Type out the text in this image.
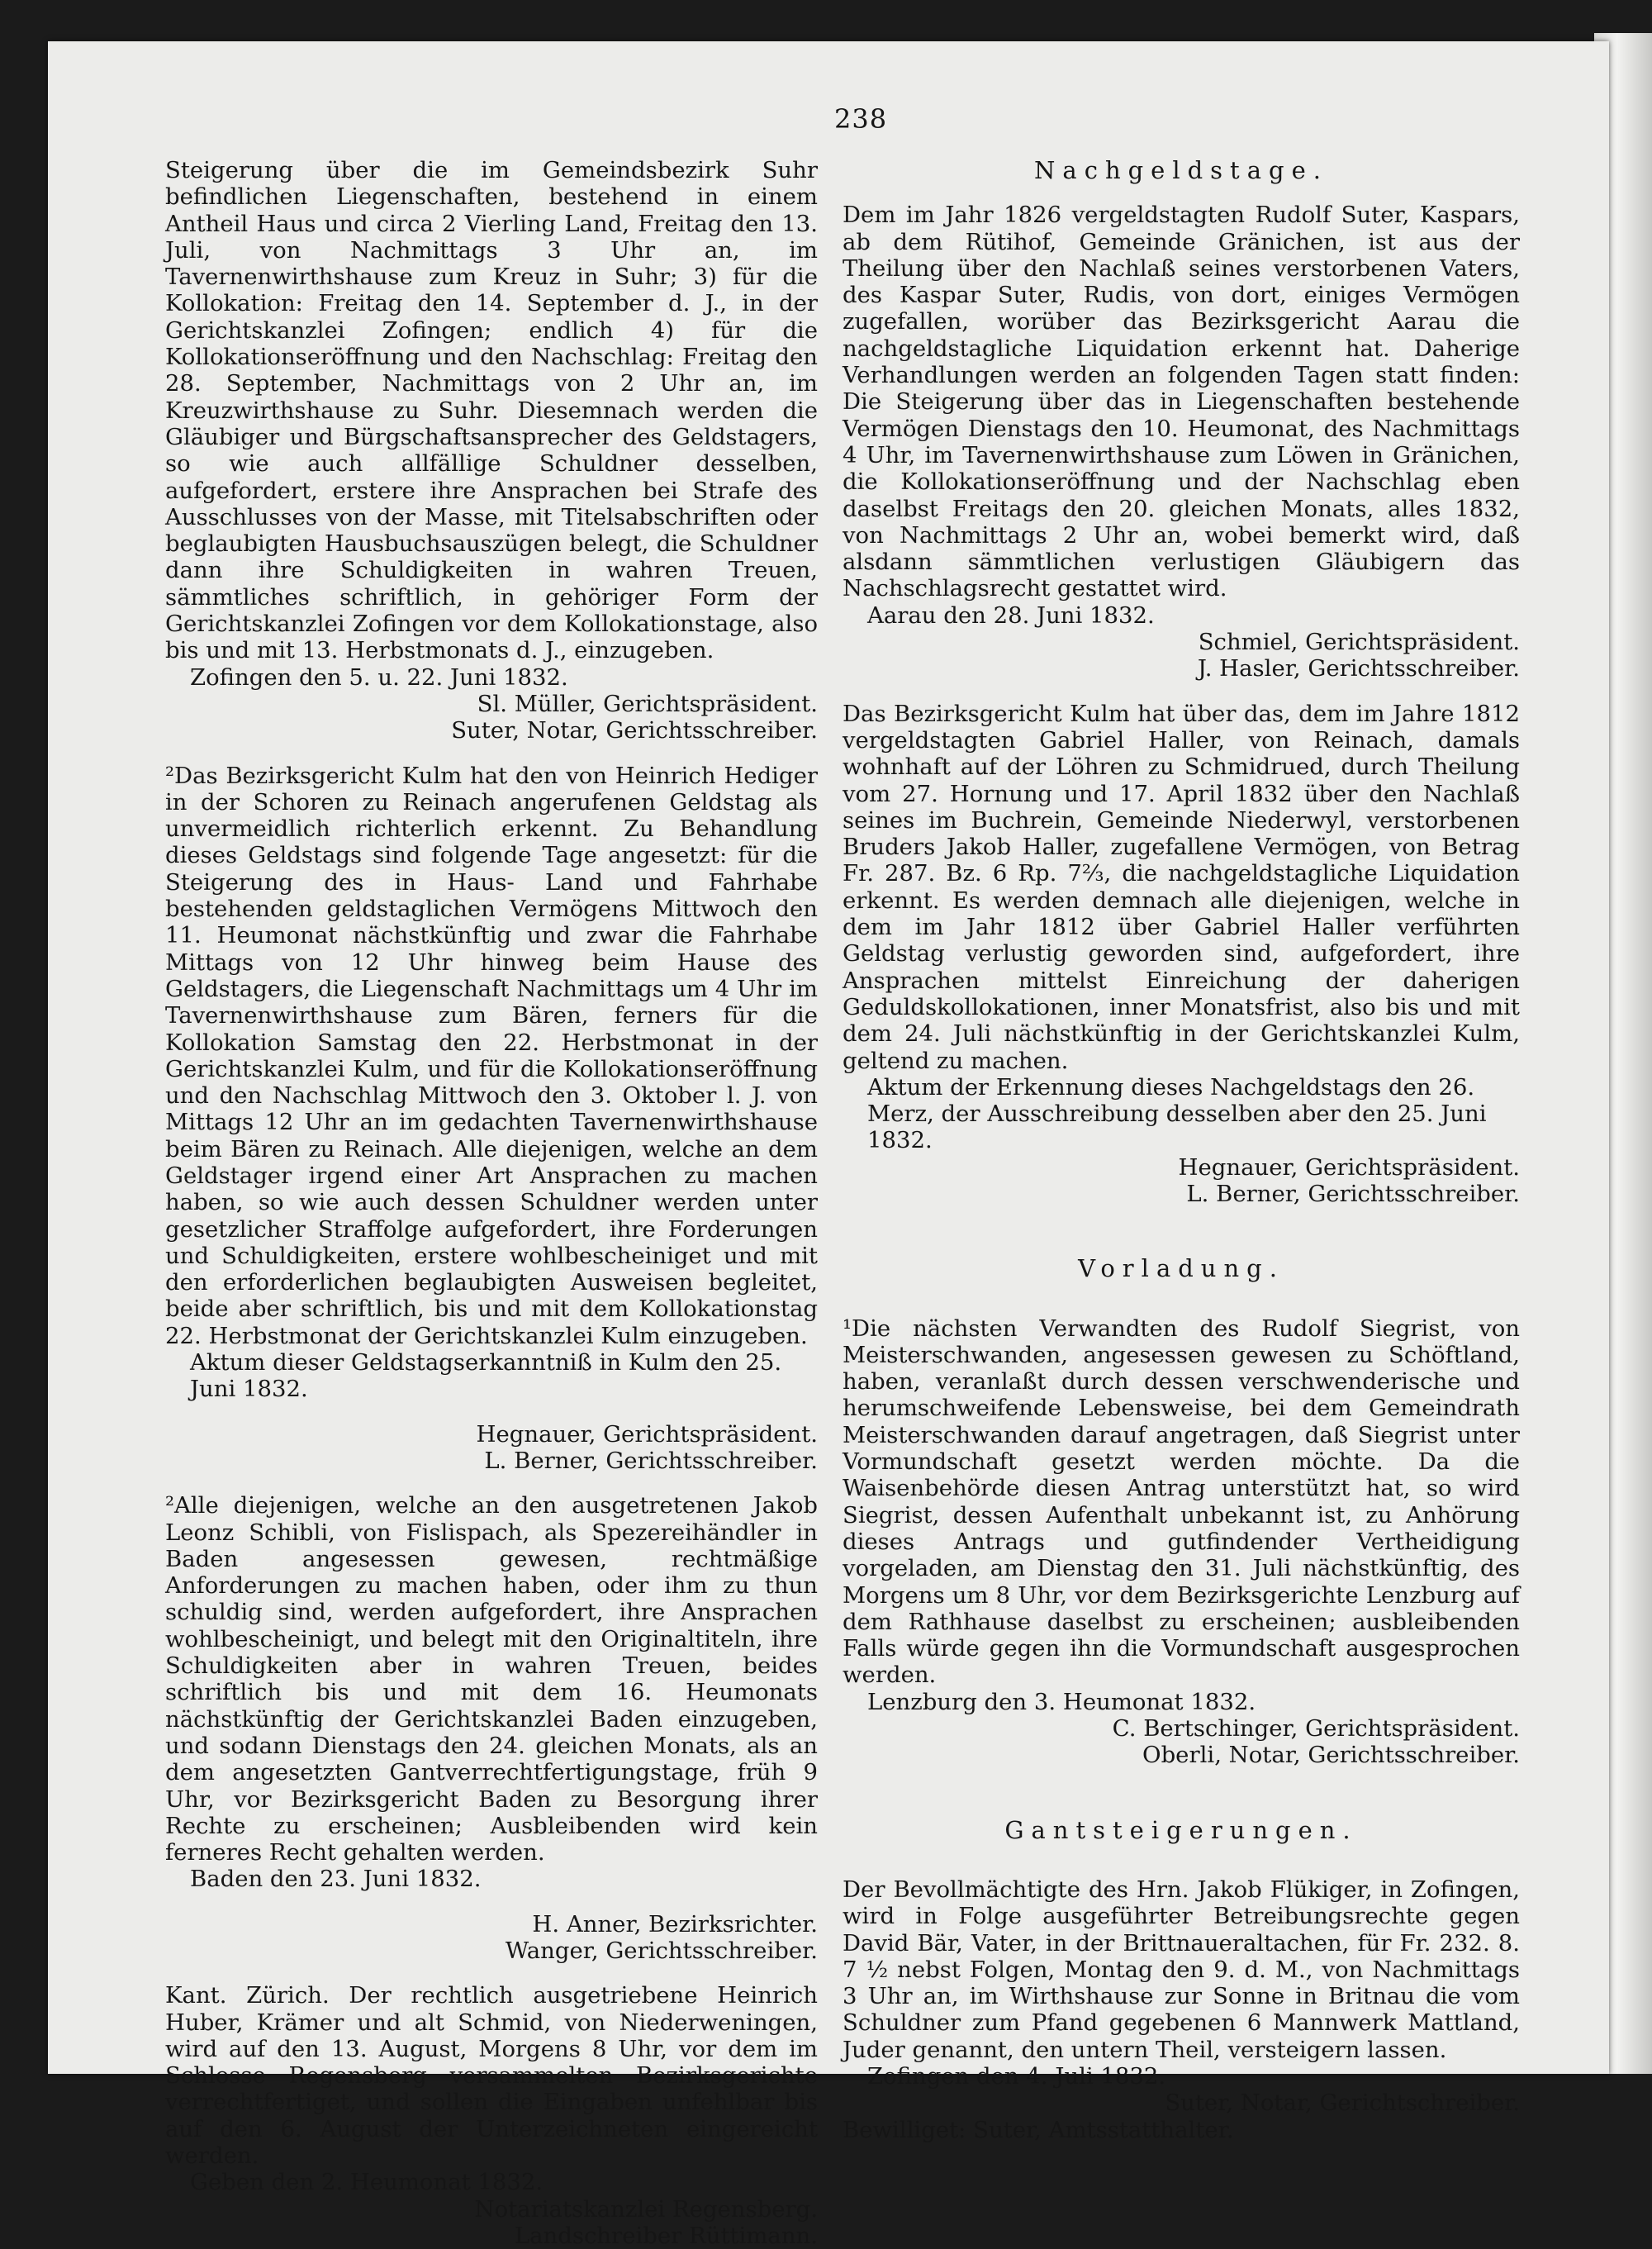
238

Steigerung über die im Gemeindsbezirk Suhr befindlichen Liegenschaften, bestehend in einem Antheil Haus und circa 2 Vierling Land, Freitag den 13. Juli, von Nachmittags 3 Uhr an, im Tavernenwirthshause zum Kreuz in Suhr; 3) für die Kollokation: Freitag den 14. September d. J., in der Gerichtskanzlei Zofingen; endlich 4) für die Kollokationseröffnung und den Nachschlag: Freitag den 28. September, Nachmittags von 2 Uhr an, im Kreuzwirthshause zu Suhr. Diesemnach werden die Gläubiger und Bürgschaftsansprecher des Geldstagers, so wie auch allfällige Schuldner desselben, aufgefordert, erstere ihre Ansprachen bei Strafe des Ausschlusses von der Masse, mit Titelsabschriften oder beglaubigten Hausbuchsauszügen belegt, die Schuldner dann ihre Schuldigkeiten in wahren Treuen, sämmtliches schriftlich, in gehöriger Form der Gerichtskanzlei Zofingen vor dem Kollokationstage, also bis und mit 13. Herbstmonats d. J., einzugeben.

Zofingen den 5. u. 22. Juni 1832.

Sl. Müller, Gerichtspräsident.

Suter, Notar, Gerichtsschreiber.

²Das Bezirksgericht Kulm hat den von Heinrich Hediger in der Schoren zu Reinach angerufenen Geldstag als unvermeidlich richterlich erkennt. Zu Behandlung dieses Geldstags sind folgende Tage angesetzt: für die Steigerung des in Haus- Land und Fahrhabe bestehenden geldstaglichen Vermögens Mittwoch den 11. Heumonat nächstkünftig und zwar die Fahrhabe Mittags von 12 Uhr hinweg beim Hause des Geldstagers, die Liegenschaft Nachmittags um 4 Uhr im Tavernenwirthshause zum Bären, ferners für die Kollokation Samstag den 22. Herbstmonat in der Gerichtskanzlei Kulm, und für die Kollokationseröffnung und den Nachschlag Mittwoch den 3. Oktober l. J. von Mittags 12 Uhr an im gedachten Tavernenwirthshause beim Bären zu Reinach. Alle diejenigen, welche an dem Geldstager irgend einer Art Ansprachen zu machen haben, so wie auch dessen Schuldner werden unter gesetzlicher Straffolge aufgefordert, ihre Forderungen und Schuldigkeiten, erstere wohlbescheiniget und mit den erforderlichen beglaubigten Ausweisen begleitet, beide aber schriftlich, bis und mit dem Kollokationstag 22. Herbstmonat der Gerichtskanzlei Kulm einzugeben.

Aktum dieser Geldstagserkanntniß in Kulm den 25. Juni 1832.

Hegnauer, Gerichtspräsident.

L. Berner, Gerichtsschreiber.

²Alle diejenigen, welche an den ausgetretenen Jakob Leonz Schibli, von Fislispach, als Spezereihändler in Baden angesessen gewesen, rechtmäßige Anforderungen zu machen haben, oder ihm zu thun schuldig sind, werden aufgefordert, ihre Ansprachen wohlbescheinigt, und belegt mit den Originaltiteln, ihre Schuldigkeiten aber in wahren Treuen, beides schriftlich bis und mit dem 16. Heumonats nächstkünftig der Gerichtskanzlei Baden einzugeben, und sodann Dienstags den 24. gleichen Monats, als an dem angesetzten Gantverrechtfertigungstage, früh 9 Uhr, vor Bezirksgericht Baden zu Besorgung ihrer Rechte zu erscheinen; Ausbleibenden wird kein ferneres Recht gehalten werden.

Baden den 23. Juni 1832.

H. Anner, Bezirksrichter.

Wanger, Gerichtsschreiber.

Kant. Zürich. Der rechtlich ausgetriebene Heinrich Huber, Krämer und alt Schmid, von Niederweningen, wird auf den 13. August, Morgens 8 Uhr, vor dem im Schlosse Regensberg versammelten Bezirksgerichte verrechtfertiget, und sollen die Eingaben unfehlbar bis auf den 6. August der Unterzeichneten eingereicht werden.

Geben den 2. Heumonat 1832.

Notariatskanzlei Regensberg.

Landschreiber Rüttimann.

Nachgeldstage.

Dem im Jahr 1826 vergeldstagten Rudolf Suter, Kaspars, ab dem Rütihof, Gemeinde Gränichen, ist aus der Theilung über den Nachlaß seines verstorbenen Vaters, des Kaspar Suter, Rudis, von dort, einiges Vermögen zugefallen, worüber das Bezirksgericht Aarau die nachgeldstagliche Liquidation erkennt hat. Daherige Verhandlungen werden an folgenden Tagen statt finden: Die Steigerung über das in Liegenschaften bestehende Vermögen Dienstags den 10. Heumonat, des Nachmittags 4 Uhr, im Tavernenwirthshause zum Löwen in Gränichen, die Kollokationseröffnung und der Nachschlag eben daselbst Freitags den 20. gleichen Monats, alles 1832, von Nachmittags 2 Uhr an, wobei bemerkt wird, daß alsdann sämmtlichen verlustigen Gläubigern das Nachschlagsrecht gestattet wird.

Aarau den 28. Juni 1832.

Schmiel, Gerichtspräsident.

J. Hasler, Gerichtsschreiber.

Das Bezirksgericht Kulm hat über das, dem im Jahre 1812 vergeldstagten Gabriel Haller, von Reinach, damals wohnhaft auf der Löhren zu Schmidrued, durch Theilung vom 27. Hornung und 17. April 1832 über den Nachlaß seines im Buchrein, Gemeinde Niederwyl, verstorbenen Bruders Jakob Haller, zugefallene Vermögen, von Betrag Fr. 287. Bz. 6 Rp. 7⅔, die nachgeldstagliche Liquidation erkennt. Es werden demnach alle diejenigen, welche in dem im Jahr 1812 über Gabriel Haller verführten Geldstag verlustig geworden sind, aufgefordert, ihre Ansprachen mittelst Einreichung der daherigen Geduldskollokationen, inner Monatsfrist, also bis und mit dem 24. Juli nächstkünftig in der Gerichtskanzlei Kulm, geltend zu machen.

Aktum der Erkennung dieses Nachgeldstags den 26. Merz, der Ausschreibung desselben aber den 25. Juni 1832.

Hegnauer, Gerichtspräsident.

L. Berner, Gerichtsschreiber.

Vorladung.

¹Die nächsten Verwandten des Rudolf Siegrist, von Meisterschwanden, angesessen gewesen zu Schöftland, haben, veranlaßt durch dessen verschwenderische und herumschweifende Lebensweise, bei dem Gemeindrath Meisterschwanden darauf angetragen, daß Siegrist unter Vormundschaft gesetzt werden möchte. Da die Waisenbehörde diesen Antrag unterstützt hat, so wird Siegrist, dessen Aufenthalt unbekannt ist, zu Anhörung dieses Antrags und gutfindender Vertheidigung vorgeladen, am Dienstag den 31. Juli nächstkünftig, des Morgens um 8 Uhr, vor dem Bezirksgerichte Lenzburg auf dem Rathhause daselbst zu erscheinen; ausbleibenden Falls würde gegen ihn die Vormundschaft ausgesprochen werden.

Lenzburg den 3. Heumonat 1832.

C. Bertschinger, Gerichtspräsident.

Oberli, Notar, Gerichtsschreiber.

Gantsteigerungen.

Der Bevollmächtigte des Hrn. Jakob Flükiger, in Zofingen, wird in Folge ausgeführter Betreibungsrechte gegen David Bär, Vater, in der Brittnaueraltachen, für Fr. 232. 8. 7 ½ nebst Folgen, Montag den 9. d. M., von Nachmittags 3 Uhr an, im Wirthshause zur Sonne in Britnau die vom Schuldner zum Pfand gegebenen 6 Mannwerk Mattland, Juder genannt, den untern Theil, versteigern lassen.

Zofingen den 4. Juli 1832.

Suter, Notar, Gerichtschreiber.

Bewilliget: Suter, Amtsstatthalter.
